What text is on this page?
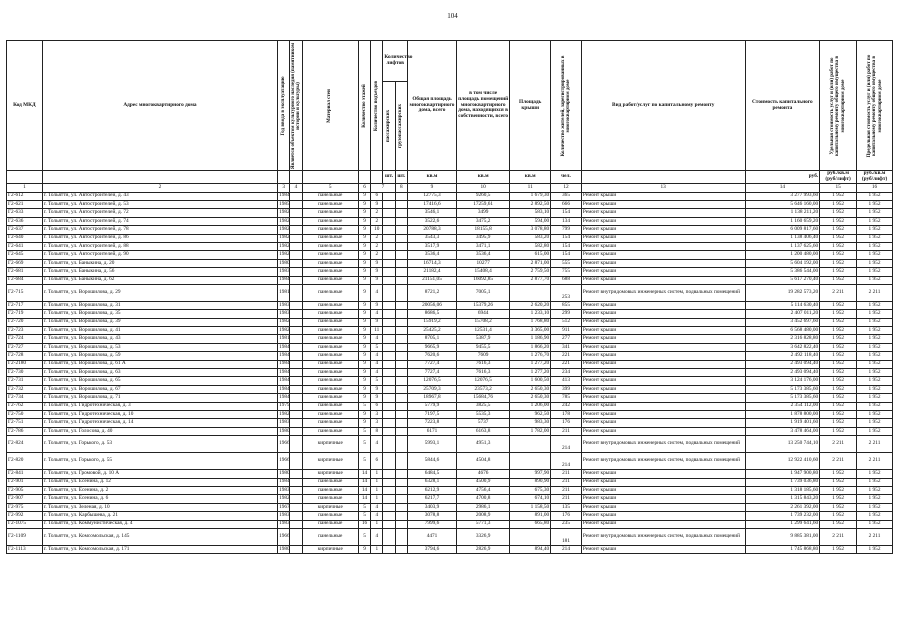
104
Код МКД	Адрес многоквартирного дома	Год ввода в эксплуатацию	Является объектом культурного наследия (памятником истории и культуры)	Материал стен	Количество этажей	Количество подъездов	Количество лифтов		Общая площадь многоквартирного дома, всего	в том числе площадь помещений многоквартирного дома, находящихся в собственности, всего	Площадь крыши	Количество жителей, зарегистрированных в многоквартирном доме	Вид работ/услуг по капитальному ремонту	Стоимость капитального ремонта	Удельная стоимость услуг и (или) работ по капитальному ремонту общего имущества в многоквартирном доме	Предельная стоимость услуг и (или) работ по капитальному ремонту общего имущества в многоквартирном доме

пассажирских	грузопассажирских								

							шт.	шт.	кв.м	кв.м	кв.м	чел.		руб.	руб./кв.м (руб/лифт)	руб./кв.м (руб/лифт)
1	2	3	4	5	6	7		8	9	10	11	12	13	14	15	16
Г2-612	г. Тольятти, ул. Автостроителей, д. 43	1984		панельные	9	6			12775,3	9260,5	1 679,30	365	Ремонт крыши	3 277 993,60	1 952	1 952
Г2-621	г. Тольятти, ул. Автостроителей, д. 53	1985		панельные	9	9			17416,6	17259,61	2 892,50	666	Ремонт крыши	5 646 160,00	1 952	1 952
Г2-633	г. Тольятти, ул. Автостроителей, д. 72	1982		панельные	9	2			3546,1	3499	583,10	154	Ремонт крыши	1 138 211,20	1 952	1 952
Г2-636	г. Тольятти, ул. Автостроителей, д. 74	1982		панельные	9	2			3522,6	3475,2	594,00	134	Ремонт крыши	1 160 659,20	1 952	1 952
Г2-637	г. Тольятти, ул. Автостроителей, д. 78	1982		панельные	9	10			20788,3	18155,8	3 078,80	799	Ремонт крыши	6 009 817,60	1 952	1 952
Г2-640	г. Тольятти, ул. Автостроителей, д. 86	1982		панельные	9	2			3543,3	3495,9	583,20	154	Ремонт крыши	1 138 406,40	1 952	1 952
Г2-641	г. Тольятти, ул. Автостроителей, д. 88	1982		панельные	9	2			3517,9	3471,1	582,80	154	Ремонт крыши	1 137 625,60	1 952	1 952
Г2-645	г. Тольятти, ул. Автостроителей, д. 90	1982		панельные	9	2			3536,4	3536,4	615,00	154	Ремонт крыши	1 200 480,00	1 952	1 952
Г2-669	г. Тольятти, ул. Баныкина, д. 20	1980		панельные	9	9			16714,3	10277	2 871,00	555	Ремонт крыши	5 604 192,00	1 952	1 952
Г2-681	г. Тольятти, ул. Баныкина, д. 56	1983		панельные	9	9			21182,4	15408,4	2 759,50	755	Ремонт крыши	5 386 544,00	1 952	1 952
Г2-684	г. Тольятти, ул. Баныкина, д. 62	1984		панельные	9	9			21151,05	16092,85	2 877,70	688	Ремонт крыши	5 617 270,40	1 952	1 952
Г2-715	г. Тольятти, ул. Ворошилова, д. 29	1981		панельные	9	4			8721,2	7005,1		253	Ремонт внутридомовых инженерных систем, подвальных помещений	19 282 573,20	2 211	2 211
Г2-717	г. Тольятти, ул. Ворошилова, д. 31	1983		панельные	9	9			20056,06	15379,26	2 620,20	855	Ремонт крыши	5 114 630,40	1 952	1 952
Г2-719	г. Тольятти, ул. Ворошилова, д. 35	1983		панельные	9	4			8686,5	6944	1 233,10	299	Ремонт крыши	2 407 011,20	1 952	1 952
Г2-720	г. Тольятти, ул. Ворошилова, д. 39	1982		панельные	9	9			15919,2	15708,2	1 768,80	512	Ремонт крыши	3 452 697,60	1 952	1 952
Г2-723	г. Тольятти, ул. Ворошилова, д. 41	1982		панельные	9	11			25425,2	12531,4	3 365,00	911	Ремонт крыши	6 568 480,00	1 952	1 952
Г2-724	г. Тольятти, ул. Ворошилова, д. 43	1981		панельные	9	4			8705,1	5387,9	1 186,90	277	Ремонт крыши	2 316 828,80	1 952	1 952
Г2-727	г. Тольятти, ул. Ворошилова, д. 53	1984		панельные	9	5			9665,9	9455,5	1 866,20	341	Ремонт крыши	3 642 822,40	1 952	1 952
Г2-728	г. Тольятти, ул. Ворошилова, д. 59	1984		панельные	9	4			7620,6	7609	1 276,70	221	Ремонт крыши	2 492 118,40	1 952	1 952
Г2-2180	г. Тольятти, ул. Ворошилова, д. 61 А	1984		панельные	9	4			7727,4	7616,3	1 277,20	221	Ремонт крыши	2 493 094,40	1 952	1 952
Г2-730	г. Тольятти, ул. Ворошилова, д. 63	1984		панельные	9	4			7727,4	7616,3	1 277,20	234	Ремонт крыши	2 493 094,40	1 952	1 952
Г2-731	г. Тольятти, ул. Ворошилова, д. 65	1984		панельные	9	5			12076,5	12076,5	1 600,50	413	Ремонт крыши	3 124 176,00	1 952	1 952
Г2-732	г. Тольятти, ул. Ворошилова, д. 67	1984		панельные	9	9			25709,3	23573,2	2 650,30	399	Ремонт крыши	5 173 385,60	1 952	1 952
Г2-734	г. Тольятти, ул. Ворошилова, д. 71	1984		панельные	9	9			18967,8	15684,76	2 650,30	785	Ремонт крыши	5 173 385,60	1 952	1 952
Г2-762	г. Тольятти, ул. Гидротехническая, д. 3	1979		панельные	5	6			5779,9	3825,5	1 206,00	242	Ремонт крыши	2 354 112,00	1 952	1 952
Г2-750	г. Тольятти, ул. Гидротехническая, д. 10	1982		панельные	9	3			7197,5	5535,3	962,50	178	Ремонт крыши	1 878 800,00	1 952	1 952
Г2-751	г. Тольятти, ул. Гидротехническая, д. 14	1983		панельные	9	3			7223,8	5737	983,30	176	Ремонт крыши	1 919 401,60	1 952	1 952
Г2-786	г. Тольятти, ул. Голосова, д. 40	1980		панельные	5	8			6171	6163,8	1 782,00	211	Ремонт крыши	3 478 464,00	1 952	1 952
Г2-824	г. Тольятти, ул. Горького, д. 53	1966		кирпичные	5	4			5993,1	4951,3		214	Ремонт внутридомовых инженерных систем, подвальных помещений	13 250 744,10	2 211	2 211
Г2-820	г. Тольятти, ул. Горького, д. 55	1966		кирпичные	5	6			5844,6	4504,8		214	Ремонт внутридомовых инженерных систем, подвальных помещений	12 922 410,60	2 211	2 211
Г2-841	г. Тольятти, ул. Громовой, д. 10 А	1980		кирпичные	14	1			6484,5	4676	997,90	211	Ремонт крыши	1 947 900,80	1 952	1 952
Г2-901	г. Тольятти, ул. Есенина, д. 12	1984		панельные	14	1			6328,1	4500,9	890,90	211	Ремонт крыши	1 739 036,80	1 952	1 952
Г2-905	г. Тольятти, ул. Есенина, д. 2	1983		панельные	14	1			6212,9	4756,4	675,30	211	Ремонт крыши	1 318 185,60	1 952	1 952
Г2-907	г. Тольятти, ул. Есенина, д. 6	1982		панельные	14	1			6217,7	4700,8	674,10	211	Ремонт крыши	1 315 843,20	1 952	1 952
Г2-975	г. Тольятти, ул. Зеленая, д. 10	1967		кирпичные	5	4			3403,9	2986,1	1 158,50	135	Ремонт крыши	2 261 392,00	1 952	1 952
Г2-992	г. Тольятти, ул. Карбышева, д. 21	1983		панельные	5	4			3078,8	2008,9	891,00	176	Ремонт крыши	1 739 232,00	1 952	1 952
Г2-1075	г. Тольятти, ул. Коммунистическая, д. 4	1983		панельные	16	1			7999,6	5771,3	665,80	235	Ремонт крыши	1 299 641,60	1 952	1 952
Г2-1109	г. Тольятти, ул. Комсомольская, д. 145	1966		панельные	5	4			4471	3326,9		181	Ремонт внутридомовых инженерных систем, подвальных помещений	9 885 381,00	2 211	2 211
Г2-1113	г. Тольятти, ул. Комсомольская, д. 171	1980		кирпичные	9	1			3794,6	2826,9	894,40	214	Ремонт крыши	1 745 868,80	1 952	1 952
